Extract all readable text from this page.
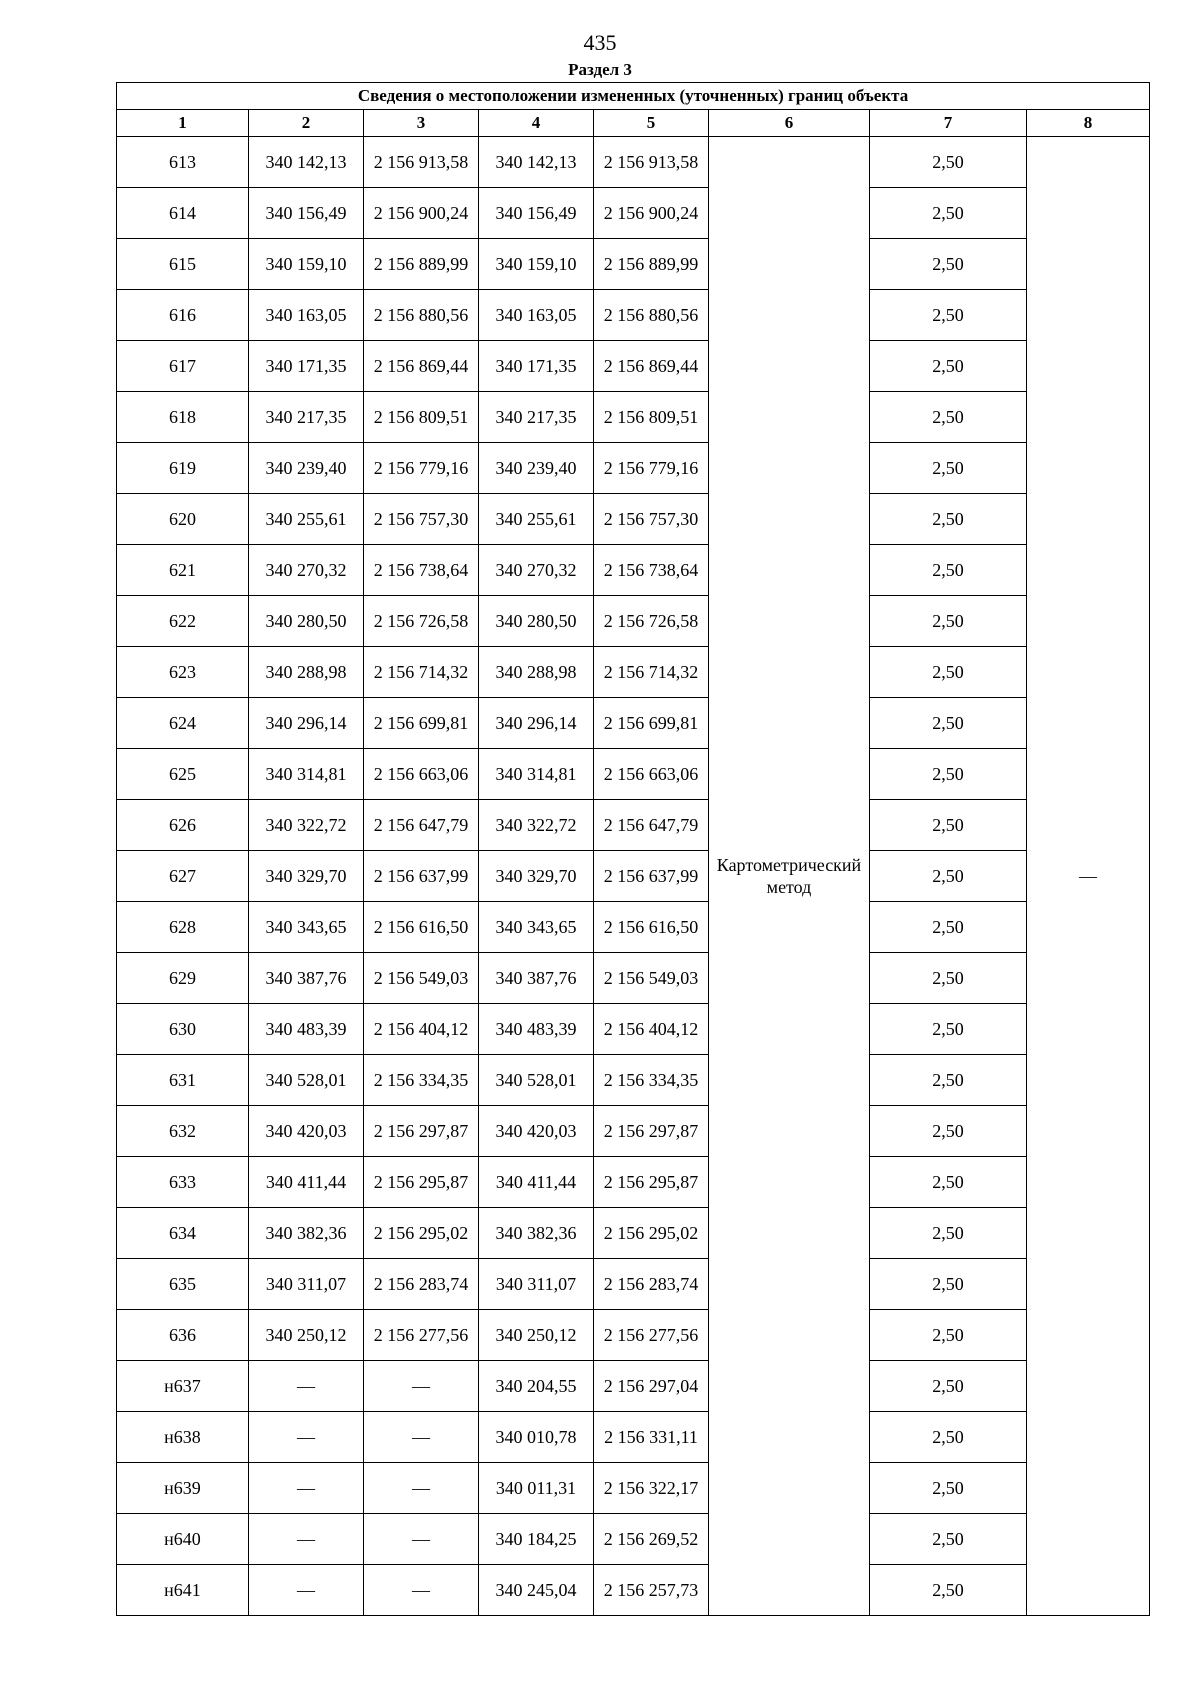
435
Раздел 3
Сведения о местоположении измененных (уточненных) границ объекта							
1	2	3	4	5	6	7	8
613	340 142,13	2 156 913,58	340 142,13	2 156 913,58	Картометрический метод	2,50	—
614	340 156,49	2 156 900,24	340 156,49	2 156 900,24		2,50	
615	340 159,10	2 156 889,99	340 159,10	2 156 889,99		2,50	
616	340 163,05	2 156 880,56	340 163,05	2 156 880,56		2,50	
617	340 171,35	2 156 869,44	340 171,35	2 156 869,44		2,50	
618	340 217,35	2 156 809,51	340 217,35	2 156 809,51		2,50	
619	340 239,40	2 156 779,16	340 239,40	2 156 779,16		2,50	
620	340 255,61	2 156 757,30	340 255,61	2 156 757,30		2,50	
621	340 270,32	2 156 738,64	340 270,32	2 156 738,64		2,50	
622	340 280,50	2 156 726,58	340 280,50	2 156 726,58		2,50	
623	340 288,98	2 156 714,32	340 288,98	2 156 714,32		2,50	
624	340 296,14	2 156 699,81	340 296,14	2 156 699,81		2,50	
625	340 314,81	2 156 663,06	340 314,81	2 156 663,06		2,50	
626	340 322,72	2 156 647,79	340 322,72	2 156 647,79		2,50	
627	340 329,70	2 156 637,99	340 329,70	2 156 637,99		2,50	
628	340 343,65	2 156 616,50	340 343,65	2 156 616,50		2,50	
629	340 387,76	2 156 549,03	340 387,76	2 156 549,03		2,50	
630	340 483,39	2 156 404,12	340 483,39	2 156 404,12		2,50	
631	340 528,01	2 156 334,35	340 528,01	2 156 334,35		2,50	
632	340 420,03	2 156 297,87	340 420,03	2 156 297,87		2,50	
633	340 411,44	2 156 295,87	340 411,44	2 156 295,87		2,50	
634	340 382,36	2 156 295,02	340 382,36	2 156 295,02		2,50	
635	340 311,07	2 156 283,74	340 311,07	2 156 283,74		2,50	
636	340 250,12	2 156 277,56	340 250,12	2 156 277,56		2,50	
н637	—	—	340 204,55	2 156 297,04		2,50	
н638	—	—	340 010,78	2 156 331,11		2,50	
н639	—	—	340 011,31	2 156 322,17		2,50	
н640	—	—	340 184,25	2 156 269,52		2,50	
н641	—	—	340 245,04	2 156 257,73		2,50	
